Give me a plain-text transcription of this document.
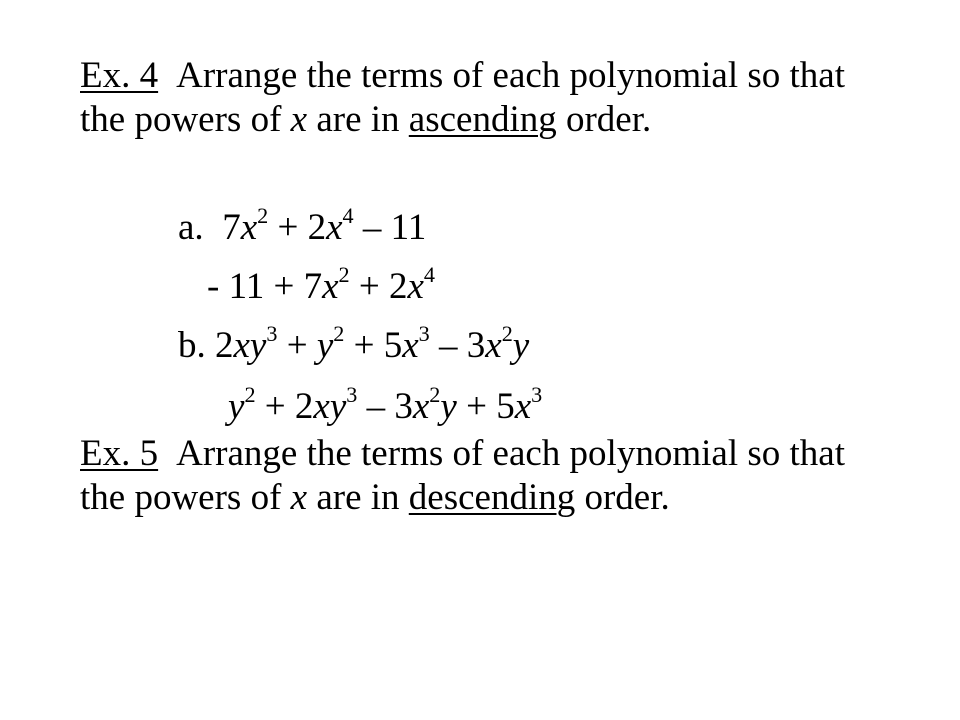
Ex. 4 Arrange the terms of each polynomial so that the powers of x are in ascending order.

a. $7x^2 + 2x^4 - 11$
- $11 + 7x^2 + 2x^4$
b. $2xy^3 + y^2 + 5x^3 - 3x^2y$
$y^2 + 2xy^3 - 3x^2y + 5x^3$

Ex. 5 Arrange the terms of each polynomial so that the powers of x are in descending order.
